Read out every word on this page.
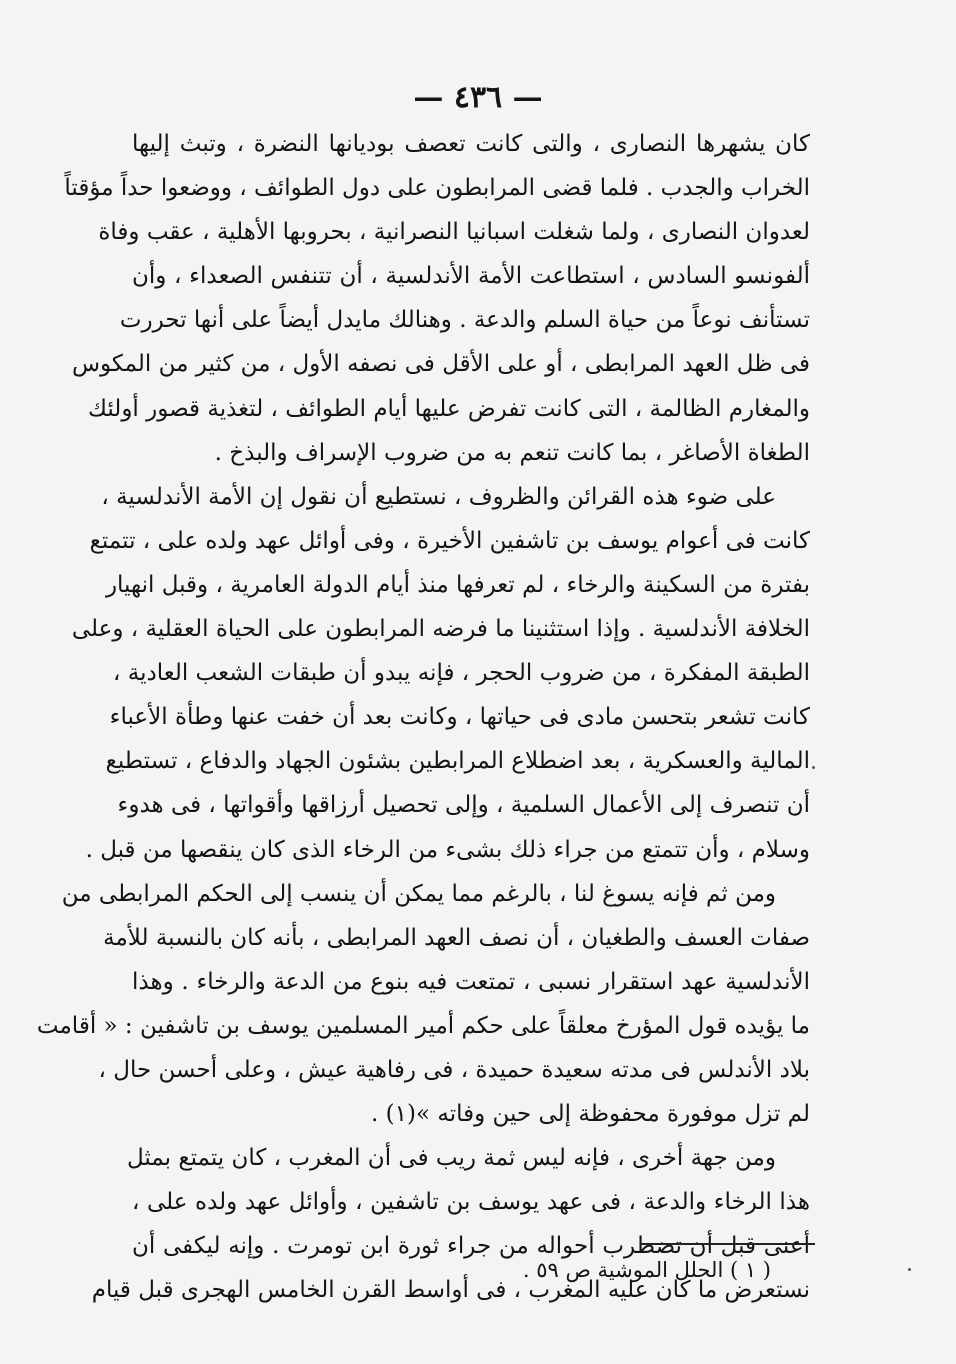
— ٤٣٦ —
كان يشهرها النصارى ، والتى كانت تعصف بوديانها النضرة ، وتبث إليها
الخراب والجدب . فلما قضى المرابطون على دول الطوائف ، ووضعوا حداً مؤقتاً
لعدوان النصارى ، ولما شغلت اسبانيا النصرانية ، بحروبها الأهلية ، عقب وفاة
ألفونسو السادس ، استطاعت الأمة الأندلسية ، أن تتنفس الصعداء ، وأن
تستأنف نوعاً من حياة السلم والدعة . وهنالك مايدل أيضاً على أنها تحررت
فى ظل العهد المرابطى ، أو على الأقل فى نصفه الأول ، من كثير من المكوس
والمغارم الظالمة ، التى كانت تفرض عليها أيام الطوائف ، لتغذية قصور أولئك
الطغاة الأصاغر ، بما كانت تنعم به من ضروب الإسراف والبذخ .
على ضوء هذه القرائن والظروف ، نستطيع أن نقول إن الأمة الأندلسية ،
كانت فى أعوام يوسف بن تاشفين الأخيرة ، وفى أوائل عهد ولده على ، تتمتع
بفترة من السكينة والرخاء ، لم تعرفها منذ أيام الدولة العامرية ، وقبل انهيار
الخلافة الأندلسية . وإذا استثنينا ما فرضه المرابطون على الحياة العقلية ، وعلى
الطبقة المفكرة ، من ضروب الحجر ، فإنه يبدو أن طبقات الشعب العادية ،
كانت تشعر بتحسن مادى فى حياتها ، وكانت بعد أن خفت عنها وطأة الأعباء
المالية والعسكرية ، بعد اضطلاع المرابطين بشئون الجهاد والدفاع ، تستطيع
أن تنصرف إلى الأعمال السلمية ، وإلى تحصيل أرزاقها وأقواتها ، فى هدوء
وسلام ، وأن تتمتع من جراء ذلك بشىء من الرخاء الذى كان ينقصها من قبل .
ومن ثم فإنه يسوغ لنا ، بالرغم مما يمكن أن ينسب إلى الحكم المرابطى من
صفات العسف والطغيان ، أن نصف العهد المرابطى ، بأنه كان بالنسبة للأمة
الأندلسية عهد استقرار نسبى ، تمتعت فيه بنوع من الدعة والرخاء . وهذا
ما يؤيده قول المؤرخ معلقاً على حكم أمير المسلمين يوسف بن تاشفين : « أقامت
بلاد الأندلس فى مدته سعيدة حميدة ، فى رفاهية عيش ، وعلى أحسن حال ،
لم تزل موفورة محفوظة إلى حين وفاته »(١) .
ومن جهة أخرى ، فإنه ليس ثمة ريب فى أن المغرب ، كان يتمتع بمثل
هذا الرخاء والدعة ، فى عهد يوسف بن تاشفين ، وأوائل عهد ولده على ،
أعنى قبل أن تضطرب أحواله من جراء ثورة ابن تومرت . وإنه ليكفى أن
نستعرض ما كان عليه المغرب ، فى أواسط القرن الخامس الهجرى قبل قيام
( ١ ) الحلل الموشية ص ٥٩ .
